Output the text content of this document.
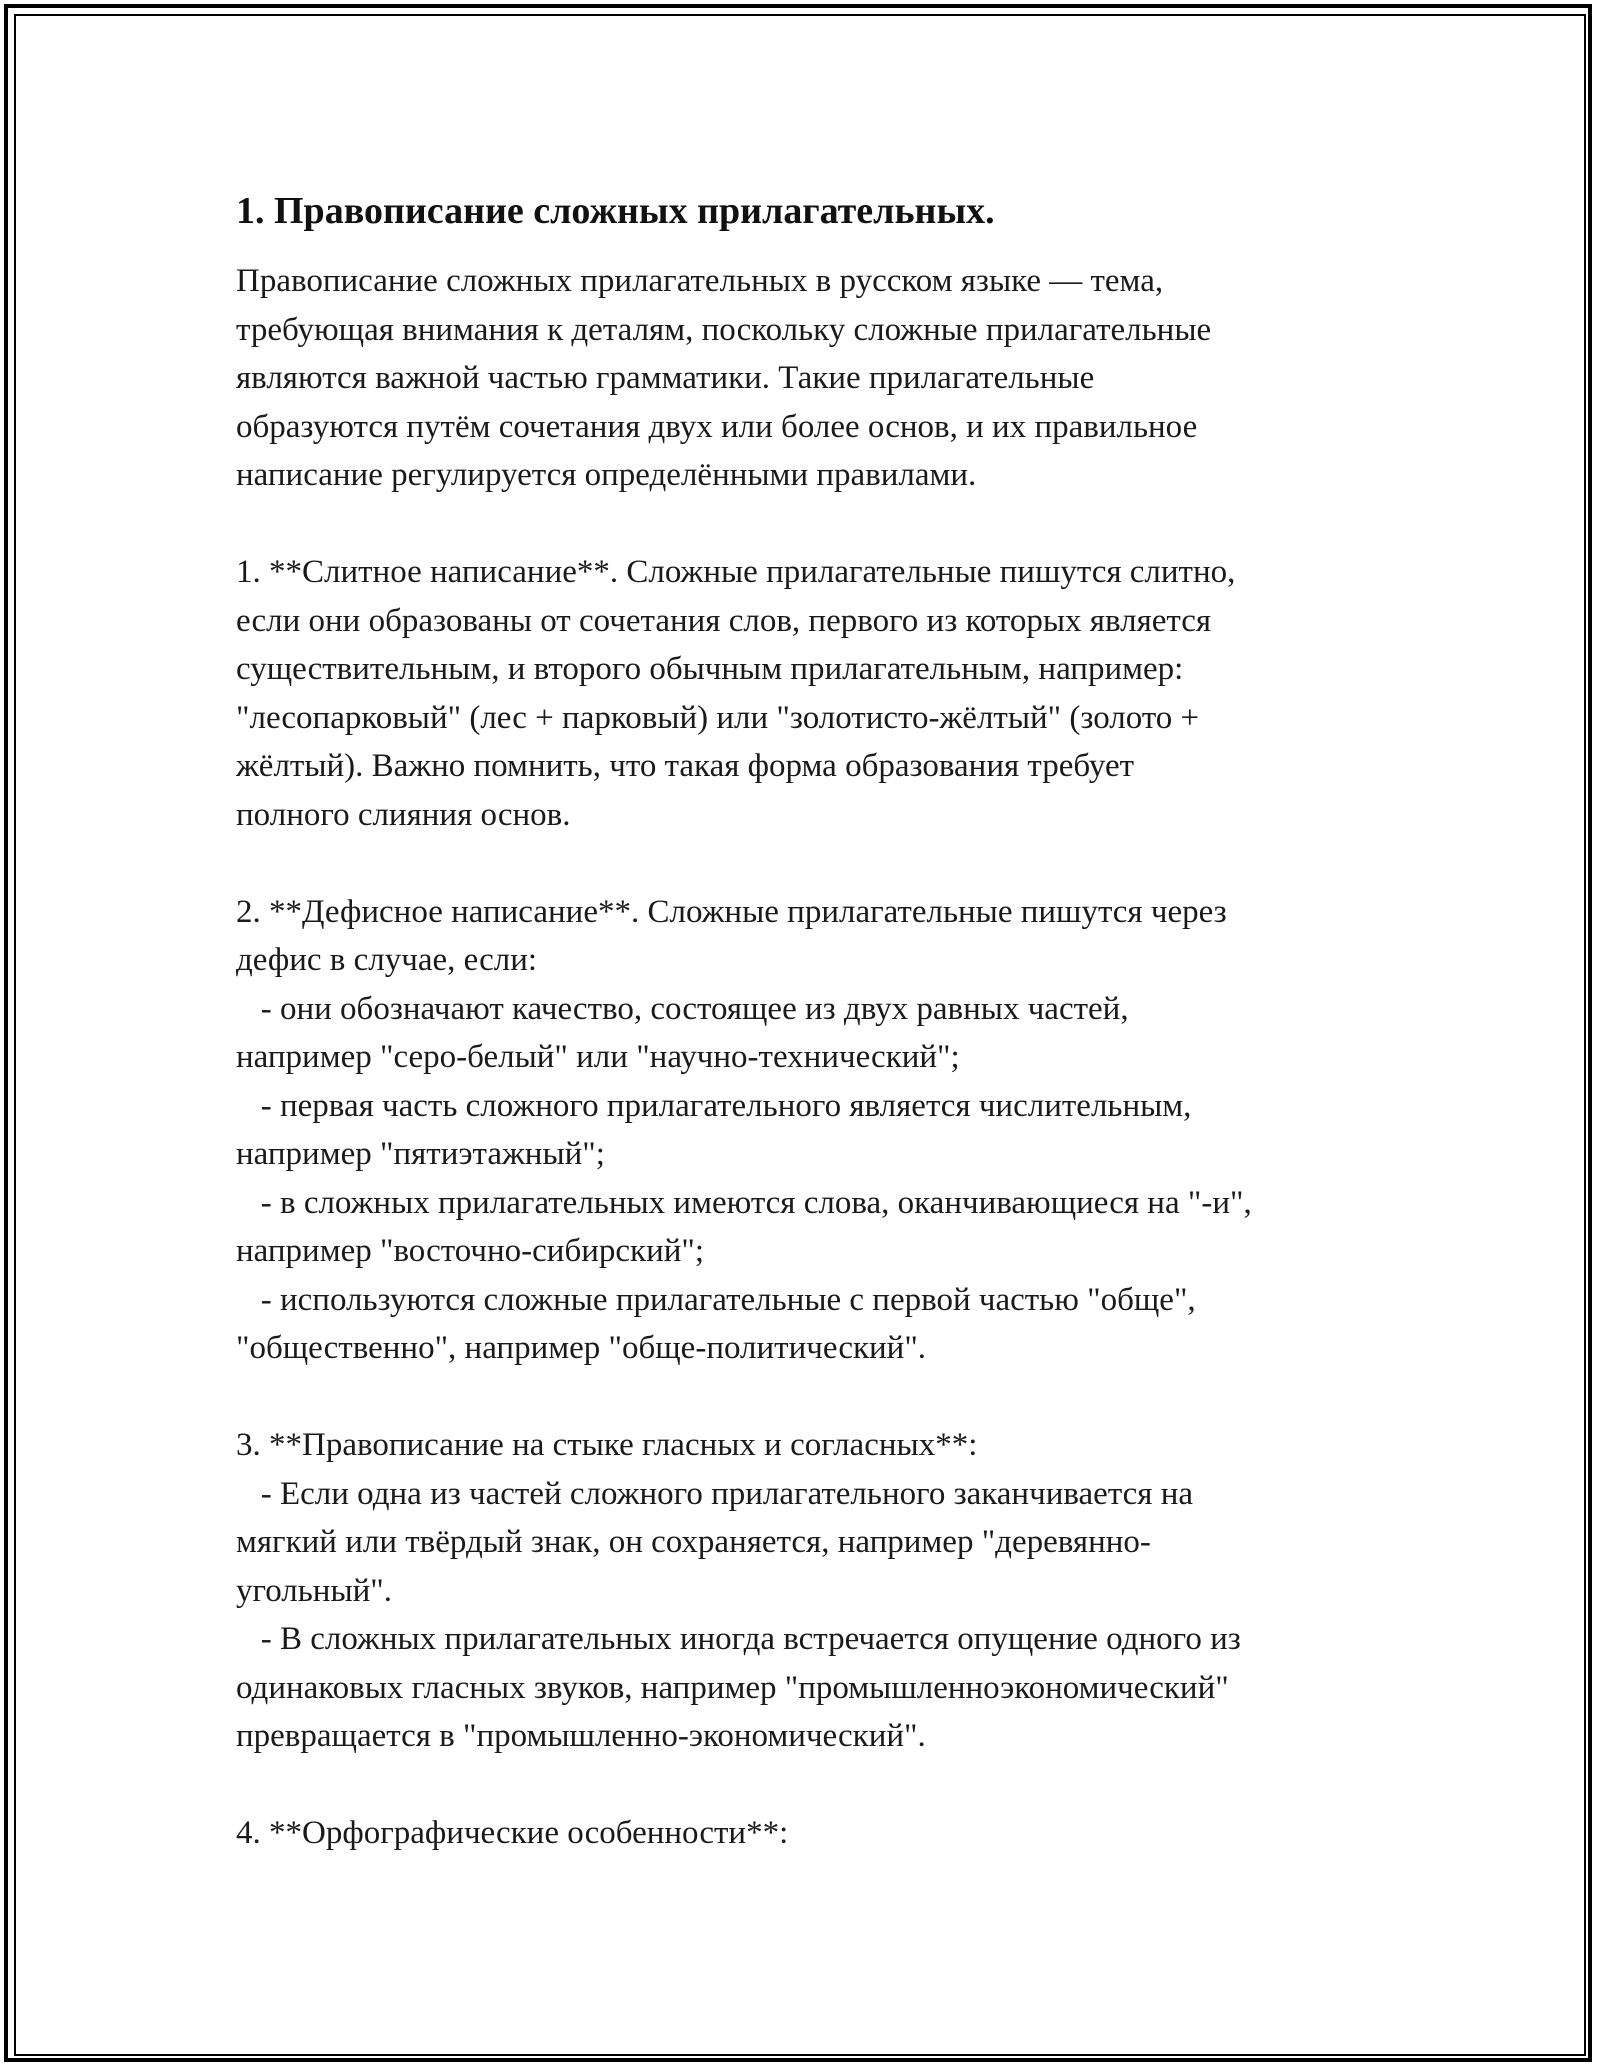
1. Правописание сложных прилагательных.

Правописание сложных прилагательных в русском языке — тема,
требующая внимания к деталям, поскольку сложные прилагательные
являются важной частью грамматики. Такие прилагательные
образуются путём сочетания двух или более основ, и их правильное
написание регулируется определёнными правилами.

1. **Слитное написание**. Сложные прилагательные пишутся слитно,
если они образованы от сочетания слов, первого из которых является
существительным, и второго обычным прилагательным, например:
"лесопарковый" (лес + парковый) или "золотисто-жёлтый" (золото +
жёлтый). Важно помнить, что такая форма образования требует
полного слияния основ.

2. **Дефисное написание**. Сложные прилагательные пишутся через
дефис в случае, если:
- они обозначают качество, состоящее из двух равных частей,
например "серо-белый" или "научно-технический";
- первая часть сложного прилагательного является числительным,
например "пятиэтажный";
- в сложных прилагательных имеются слова, оканчивающиеся на "-и",
например "восточно-сибирский";
- используются сложные прилагательные с первой частью "обще",
"общественно", например "обще-политический".

3. **Правописание на стыке гласных и согласных**:
- Если одна из частей сложного прилагательного заканчивается на
мягкий или твёрдый знак, он сохраняется, например "деревянно-
угольный".
- В сложных прилагательных иногда встречается опущение одного из
одинаковых гласных звуков, например "промышленноэкономический"
превращается в "промышленно-экономический".

4. **Орфографические особенности**:
